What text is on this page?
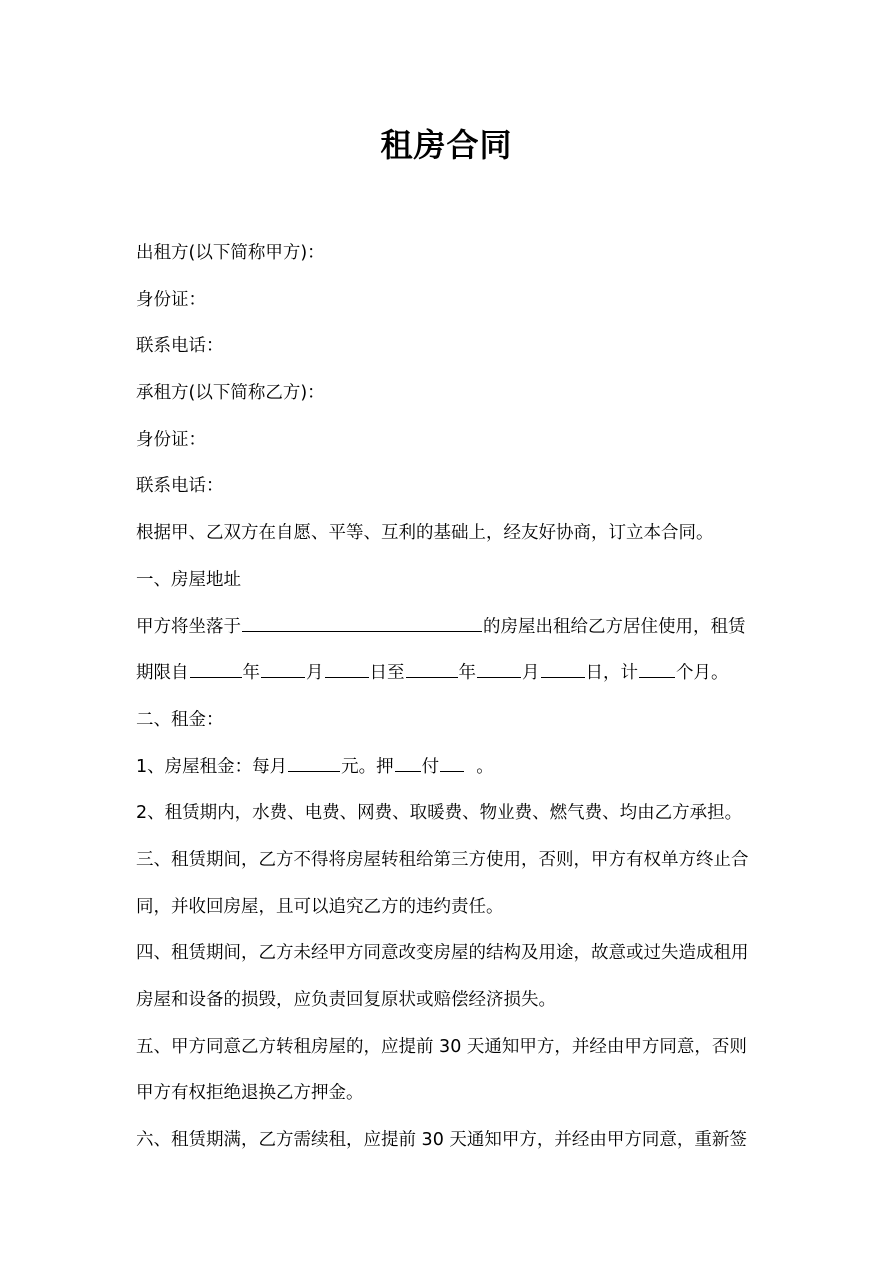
租房合同

出租方(以下简称甲方)：

身份证：

联系电话：

承租方(以下简称乙方)：

身份证：

联系电话：

根据甲、乙双方在自愿、平等、互利的基础上，经友好协商，订立本合同。

一、房屋地址

甲方将坐落于	的房屋出租给乙方居住使用，租赁

期限自	年	月	日至	年	月	日，计 个月。

二、租金：

1、房屋租金：每月	元。押 付 。

2、租赁期内，水费、电费、网费、取暖费、物业费、燃气费、均由乙方承担。

三、租赁期间，乙方不得将房屋转租给第三方使用，否则，甲方有权单方终止合

同，并收回房屋，且可以追究乙方的违约责任。

四、租赁期间，乙方未经甲方同意改变房屋的结构及用途，故意或过失造成租用

房屋和设备的损毁，应负责回复原状或赔偿经济损失。

五、甲方同意乙方转租房屋的，应提前 30 天通知甲方，并经由甲方同意，否则

甲方有权拒绝退换乙方押金。

六、租赁期满，乙方需续租，应提前 30 天通知甲方，并经由甲方同意，重新签
